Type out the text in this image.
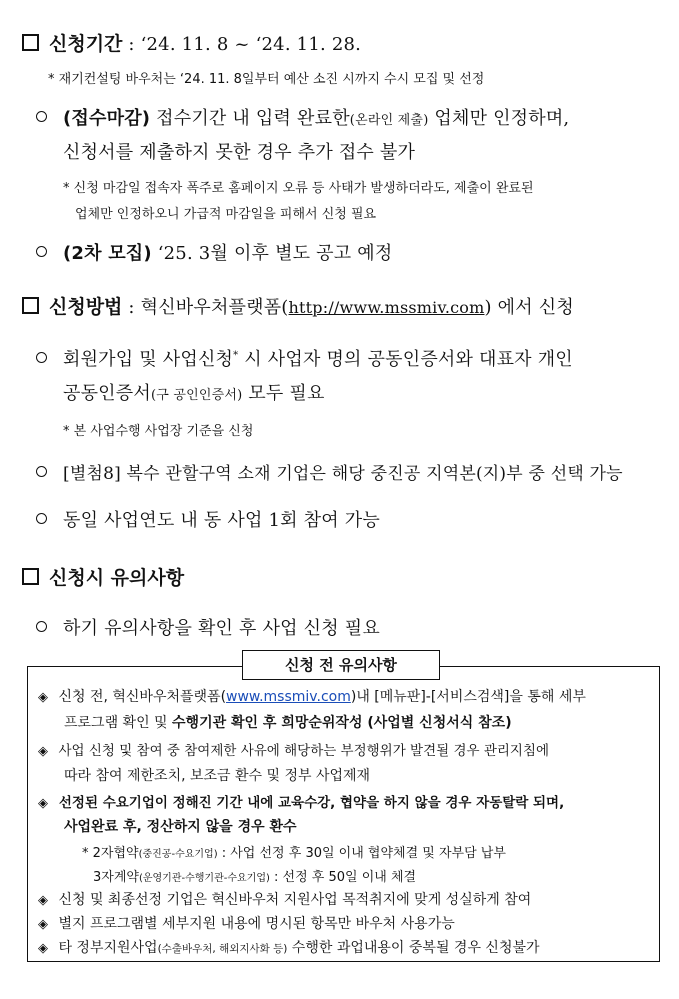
신청기간 : ‘24. 11. 8 ~ ‘24. 11. 28.
* 재기컨설팅 바우처는 ‘24. 11. 8일부터 예산 소진 시까지 수시 모집 및 선정
(접수마감) 접수기간 내 입력 완료한(온라인 제출) 업체만 인정하며,
신청서를 제출하지 못한 경우 추가 접수 불가
* 신청 마감일 접속자 폭주로 홈페이지 오류 등 사태가 발생하더라도, 제출이 완료된
업체만 인정하오니 가급적 마감일을 피해서 신청 필요
(2차 모집) ‘25. 3월 이후 별도 공고 예정
신청방법 : 혁신바우처플랫폼(http://www.mssmiv.com) 에서 신청
회원가입 및 사업신청* 시 사업자 명의 공동인증서와 대표자 개인
공동인증서(구 공인인증서) 모두 필요
* 본 사업수행 사업장 기준을 신청
[별첨8] 복수 관할구역 소재 기업은 해당 중진공 지역본(지)부 중 선택 가능
동일 사업연도 내 동 사업 1회 참여 가능
신청시 유의사항
하기 유의사항을 확인 후 사업 신청 필요
신청 전 유의사항
◈ 신청 전, 혁신바우처플랫폼(www.mssmiv.com)내 [메뉴판]-[서비스검색]을 통해 세부
프로그램 확인 및 수행기관 확인 후 희망순위작성 (사업별 신청서식 참조)
◈ 사업 신청 및 참여 중 참여제한 사유에 해당하는 부정행위가 발견될 경우 관리지침에
따라 참여 제한조치, 보조금 환수 및 정부 사업제재
◈ 선정된 수요기업이 정해진 기간 내에 교육수강, 협약을 하지 않을 경우 자동탈락 되며,
사업완료 후, 정산하지 않을 경우 환수
* 2자협약(중진공-수요기업) : 사업 선정 후 30일 이내 협약체결 및 자부담 납부
3자계약(운영기관-수행기관-수요기업) : 선정 후 50일 이내 체결
◈ 신청 및 최종선정 기업은 혁신바우처 지원사업 목적취지에 맞게 성실하게 참여
◈ 별지 프로그램별 세부지원 내용에 명시된 항목만 바우처 사용가능
◈ 타 정부지원사업(수출바우처, 해외지사화 등) 수행한 과업내용이 중복될 경우 신청불가
